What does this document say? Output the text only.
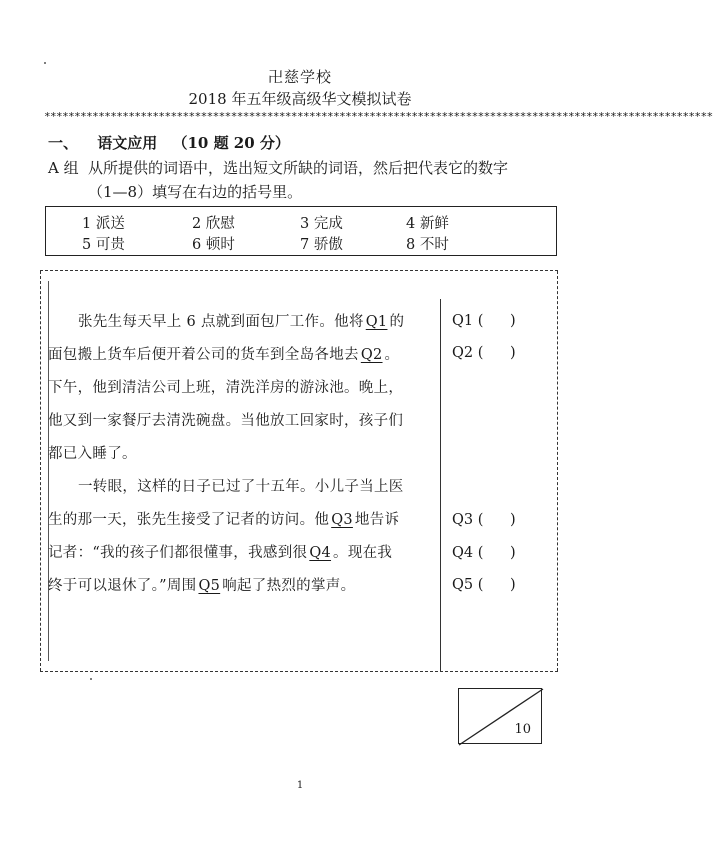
卍慈学校
2018 年五年级高级华文模拟试卷
***************************************************************************************************************
一、 语文应用 （10 题 20 分）
A 组 从所提供的词语中，选出短文所缺的词语，然后把代表它的数字
（1—8）填写在右边的括号里。
1 派送	2 欣慰	3 完成	4 新鲜
5 可贵	6 顿时	7 骄傲	8 不时

张先生每天早上 6 点就到面包厂工作。他将 Q1 的

面包搬上货车后便开着公司的货车到全岛各地去 Q2 。

下午，他到清洁公司上班，清洗洋房的游泳池。晚上，

他又到一家餐厅去清洗碗盘。当他放工回家时，孩子们

都已入睡了。

一转眼，这样的日子已过了十五年。小儿子当上医

生的那一天，张先生接受了记者的访问。他 Q3 地告诉

记者：“我的孩子们都很懂事，我感到很 Q4 。现在我

终于可以退休了。”周围 Q5 响起了热烈的掌声。

Q1 ( )
Q2 ( )
Q3 ( )
Q4 ( )
Q5 ( )
10
1
